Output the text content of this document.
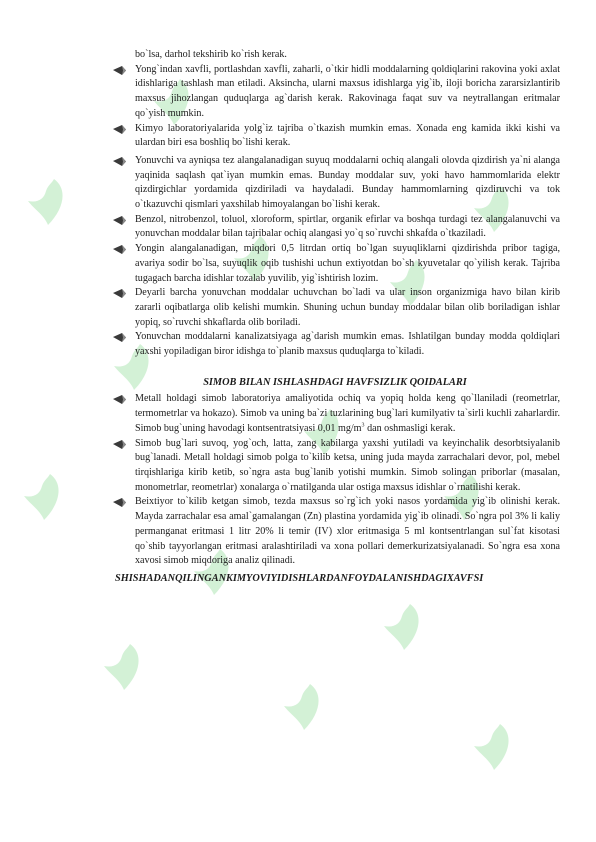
bo`lsa, darhol tekshirib ko`rish kerak.

Yong`indan xavfli, portlashdan xavfli, zaharli, o`tkir hidli moddalarning qoldiqlarini rakovina yoki axlat idishlariga tashlash man etiladi. Aksincha, ularni maxsus idishlarga yig`ib, iloji boricha zararsizlantirib maxsus jihozlangan quduqlarga ag`darish kerak. Rakovinaga faqat suv va neytrallangan eritmalar qo`yish mumkin.
Kimyo laboratoriyalarida yolg`iz tajriba o`tkazish mumkin emas. Xonada eng kamida ikki kishi va ulardan biri esa boshliq bo`lishi kerak.
Yonuvchi va ayniqsa tez alangalanadigan suyuq moddalarni ochiq alangali olovda qizdirish ya`ni alanga yaqinida saqlash qat`iyan mumkin emas. Bunday moddalar suv, yoki havo hammomlarida elektr qizdirgichlar yordamida qizdiriladi va haydaladi. Bunday hammomlarning qizdiruvchi va tok o`tkazuvchi qismlari yaxshilab himoyalangan bo`lishi kerak.
Benzol, nitrobenzol, toluol, xloroform, spirtlar, organik efirlar va boshqa turdagi tez alangalanuvchi va yonuvchan moddalar bilan tajribalar ochiq alangasi yo`q so`ruvchi shkafda o`tkaziladi.
Yongin alangalanadigan, miqdori 0,5 litrdan ortiq bo`lgan suyuqliklarni qizdirishda pribor tagiga, avariya sodir bo`lsa, suyuqlik oqib tushishi uchun extiyotdan bo`sh kyuvetalar qo`yilish kerak. Tajriba tugagach barcha idishlar tozalab yuvilib, yig`ishtirish lozim.
Deyarli barcha yonuvchan moddalar uchuvchan bo`ladi va ular inson organizmiga havo bilan kirib zararli oqibatlarga olib kelishi mumkin. Shuning uchun bunday moddalar bilan olib boriladigan ishlar yopiq, so`ruvchi shkaflarda olib boriladi.
Yonuvchan moddalarni kanalizatsiyaga ag`darish mumkin emas. Ishlatilgan bunday modda qoldiqlari yaxshi yopiladigan biror idishga to`planib maxsus quduqlarga to`kiladi.
SIMOB BILAN ISHLASHDAGI HAVFSIZLIK QOIDALARI
Metall holdagi simob laboratoriya amaliyotida ochiq va yopiq holda keng qo`llaniladi (reometrlar, termometrlar va hokazo). Simob va uning ba`zi tuzlarining bug`lari kumilyativ ta`sirli kuchli zaharlardir. Simob bug`uning havodagi kontsentratsiyasi 0,01 $mg/m^3$ dan oshmasligi kerak.
Simob bug`lari suvoq, yog`och, latta, zang kabilarga yaxshi yutiladi va keyinchalik desorbtsiyalanib bug`lanadi. Metall holdagi simob polga to`kilib ketsa, uning juda mayda zarrachalari devor, pol, mebel tirqishlariga kirib ketib, so`ngra asta bug`lanib yotishi mumkin. Simob solingan priborlar (masalan, monometrlar, reometrlar) xonalarga o`rnatilganda ular ostiga maxsus idishlar o`rnatilishi kerak.
Beixtiyor to`kilib ketgan simob, tezda maxsus so`rg`ich yoki nasos yordamida yig`ib olinishi kerak. Mayda zarrachalar esa amal`gamalangan (Zn) plastina yordamida yig`ib olinadi. So`ngra pol 3% li kaliy permanganat eritmasi 1 litr 20% li temir (IV) xlor eritmasiga 5 ml kontsentrlangan sul`fat kisotasi qo`shib tayyorlangan eritmasi aralashtiriladi va xona pollari demerkurizatsiyalanadi. So`ngra esa xona xavosi simob miqdoriga analiz qilinadi.
SHISHADANQILINGANKIMYOVIYIDISHLARDANFOYDALANISHDAGIXAVFSI
